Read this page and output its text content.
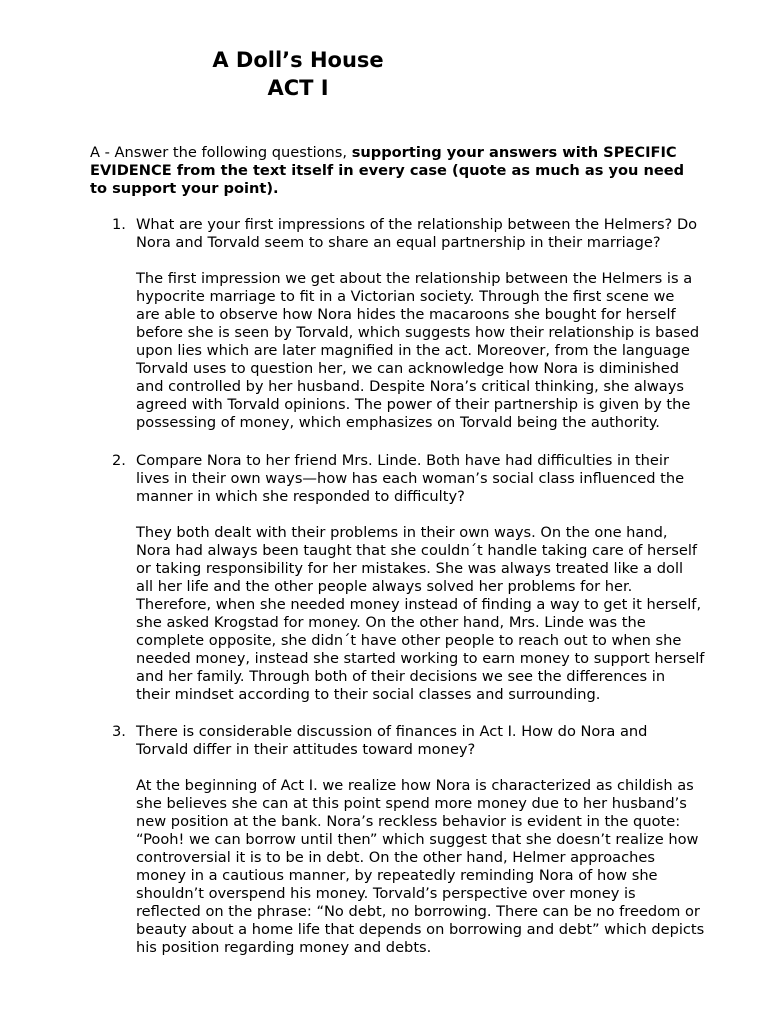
A Doll’s House
ACT I
A - Answer the following questions, supporting your answers with SPECIFIC
EVIDENCE from the text itself in every case (quote as much as you need
to support your point).
1. What are your first impressions of the relationship between the Helmers? Do
Nora and Torvald seem to share an equal partnership in their marriage?
The first impression we get about the relationship between the Helmers is a
hypocrite marriage to fit in a Victorian society. Through the first scene we
are able to observe how Nora hides the macaroons she bought for herself
before she is seen by Torvald, which suggests how their relationship is based
upon lies which are later magnified in the act. Moreover, from the language
Torvald uses to question her, we can acknowledge how Nora is diminished
and controlled by her husband. Despite Nora’s critical thinking, she always
agreed with Torvald opinions. The power of their partnership is given by the
possessing of money, which emphasizes on Torvald being the authority.
2. Compare Nora to her friend Mrs. Linde. Both have had difficulties in their
lives in their own ways—how has each woman’s social class influenced the
manner in which she responded to difficulty?
They both dealt with their problems in their own ways. On the one hand,
Nora had always been taught that she couldn´t handle taking care of herself
or taking responsibility for her mistakes. She was always treated like a doll
all her life and the other people always solved her problems for her.
Therefore, when she needed money instead of finding a way to get it herself,
she asked Krogstad for money. On the other hand, Mrs. Linde was the
complete opposite, she didn´t have other people to reach out to when she
needed money, instead she started working to earn money to support herself
and her family. Through both of their decisions we see the differences in
their mindset according to their social classes and surrounding.
3. There is considerable discussion of finances in Act I. How do Nora and
Torvald differ in their attitudes toward money?
At the beginning of Act I. we realize how Nora is characterized as childish as
she believes she can at this point spend more money due to her husband’s
new position at the bank. Nora’s reckless behavior is evident in the quote:
“Pooh! we can borrow until then” which suggest that she doesn’t realize how
controversial it is to be in debt. On the other hand, Helmer approaches
money in a cautious manner, by repeatedly reminding Nora of how she
shouldn’t overspend his money. Torvald’s perspective over money is
reflected on the phrase: “No debt, no borrowing. There can be no freedom or
beauty about a home life that depends on borrowing and debt” which depicts
his position regarding money and debts.
